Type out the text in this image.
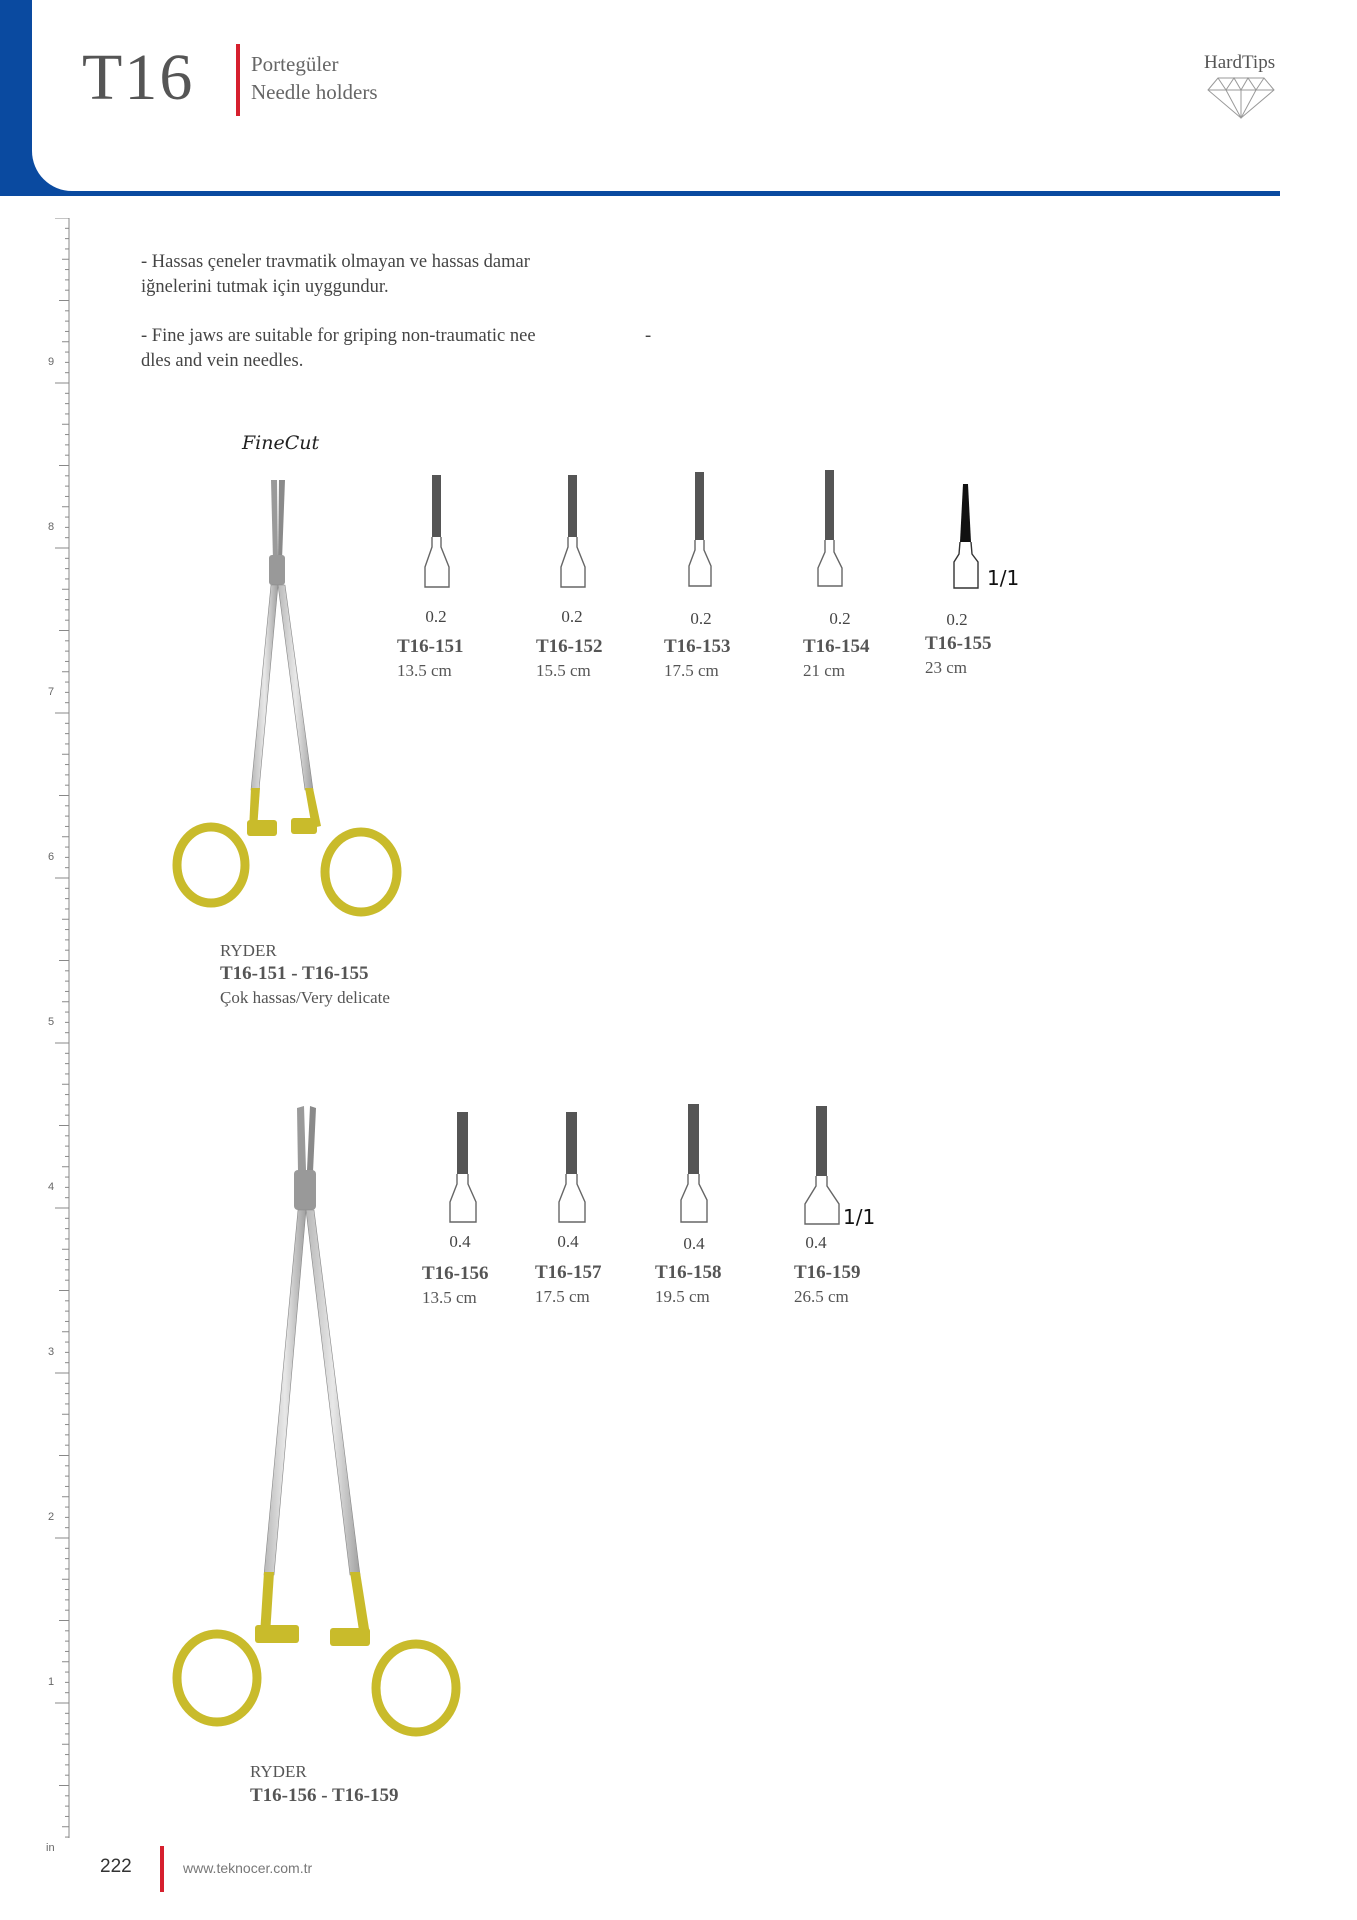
T16	Portegüler
Needle holders
HardTips
9
8
7
6
5
4
3
2
1
in
- Hassas çeneler travmatik olmayan ve hassas damar
iğnelerini tutmak için uyggundur.
- Fine jaws are suitable for griping non-traumatic nee	-
dles and vein needles.
FineCut
1/1
0.2	0.2	0.2	0.2	0.2
T16-151	T16-152	T16-153	T16-154	T16-155
13.5 cm	15.5 cm	17.5 cm	21 cm	23 cm
RYDER
T16-151 - T16-155
Çok hassas/Very delicate
1/1
0.4	0.4	0.4	0.4
T16-156 T16-157	T16-158	T16-159
13.5 cm	17.5 cm	19.5 cm	26.5 cm
RYDER
T16-156 - T16-159
222	www.teknocer.com.tr
